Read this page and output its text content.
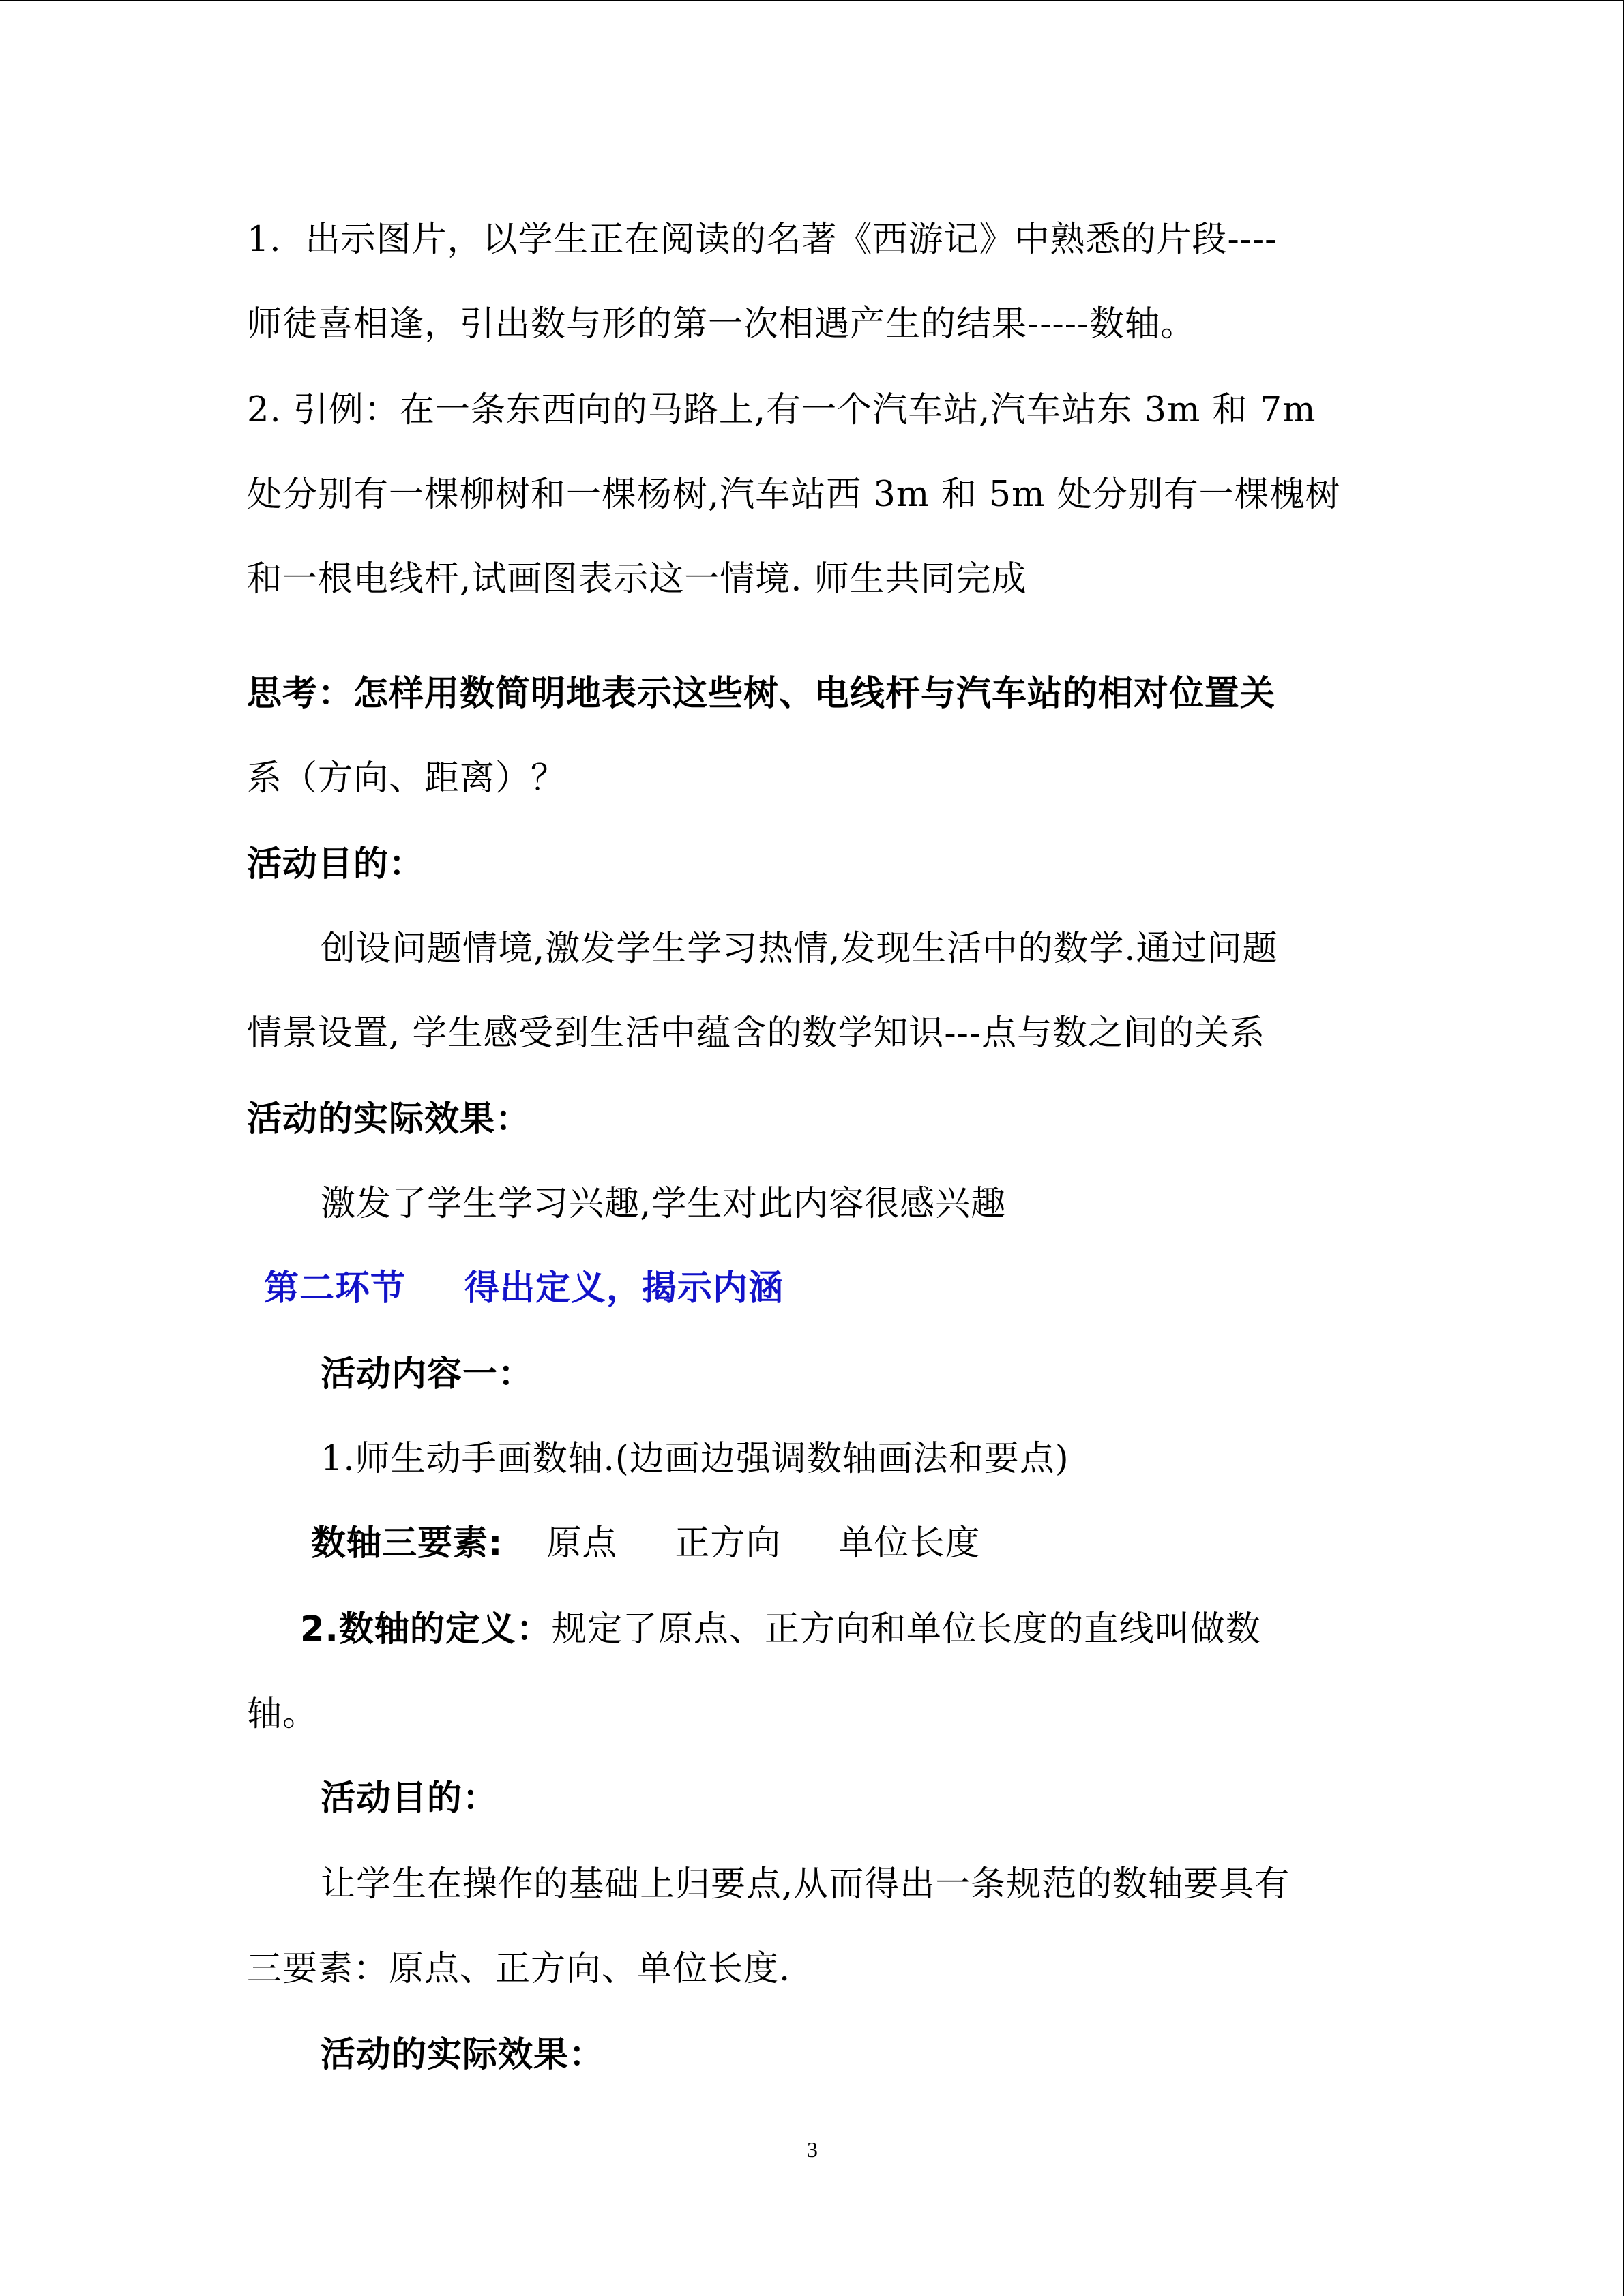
1．出示图片，以学生正在阅读的名著《西游记》中熟悉的片段----
师徒喜相逢，引出数与形的第一次相遇产生的结果-----数轴。
2. 引例：在一条东西向的马路上,有一个汽车站,汽车站东 3m 和 7m
处分别有一棵柳树和一棵杨树,汽车站西 3m 和 5m 处分别有一棵槐树
和一根电线杆,试画图表示这一情境. 师生共同完成
思考：怎样用数简明地表示这些树、电线杆与汽车站的相对位置关
系（方向、距离）？
活动目的：
创设问题情境,激发学生学习热情,发现生活中的数学.通过问题
情景设置, 学生感受到生活中蕴含的数学知识---点与数之间的关系
活动的实际效果：
激发了学生学习兴趣,学生对此内容很感兴趣
第二环节 得出定义，揭示内涵
活动内容一：
1.师生动手画数轴.(边画边强调数轴画法和要点)
数轴三要素: 原点 正方向 单位长度
2.数轴的定义：规定了原点、正方向和单位长度的直线叫做数
轴。
活动目的：
让学生在操作的基础上归要点,从而得出一条规范的数轴要具有
三要素：原点、正方向、单位长度.
活动的实际效果：
3
